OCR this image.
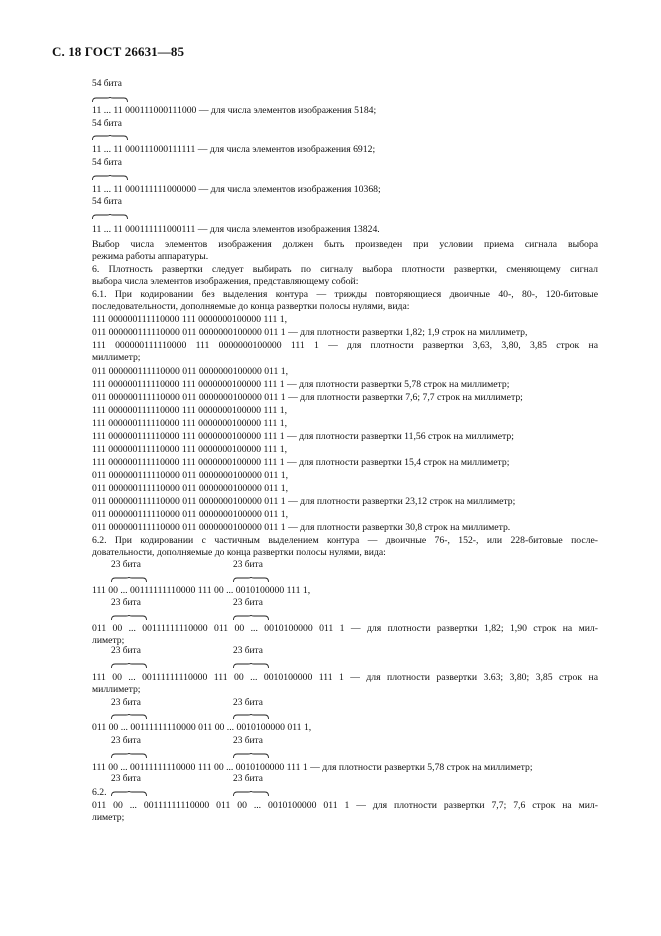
С. 18 ГОСТ 26631—85
54 бита
11 ... 11 000111000111000 — для числа элементов изображения 5184;
54 бита
11 ... 11 000111000111111 — для числа элементов изображения 6912;
54 бита
11 ... 11 000111111000000 — для числа элементов изображения 10368;
54 бита
11 ... 11 000111111000111 — для числа элементов изображения 13824.
Выбор числа элементов изображения должен быть произведен при условии приема сигнала выбора
режима работы аппаратуры.
6. Плотность развертки следует выбирать по сигналу выбора плотности развертки, сменяющему сигнал
выбора числа элементов изображения, представляющему собой:
6.1. При кодировании без выделения контура — трижды повторяющиеся двоичные 40-, 80-, 120-битовые
последовательности, дополняемые до конца развертки полосы нулями, вида:
111 000000111110000 111 0000000100000 111 1,
011 000000111110000 011 0000000100000 011 1 — для плотности развертки 1,82; 1,9 строк на миллиметр,
111 000000111110000 111 0000000100000 111 1 — для плотности развертки 3,63, 3,80, 3,85 строк на
миллиметр;
011 000000111110000 011 0000000100000 011 1,
111 000000111110000 111 0000000100000 111 1 — для плотности развертки 5,78 строк на миллиметр;
011 000000111110000 011 0000000100000 011 1 — для плотности развертки 7,6; 7,7 строк на миллиметр;
111 000000111110000 111 0000000100000 111 1,
111 000000111110000 111 0000000100000 111 1,
111 000000111110000 111 0000000100000 111 1 — для плотности развертки 11,56 строк на миллиметр;
111 000000111110000 111 0000000100000 111 1,
111 000000111110000 111 0000000100000 111 1 — для плотности развертки 15,4 строк на миллиметр;
011 000000111110000 011 0000000100000 011 1,
011 000000111110000 011 0000000100000 011 1,
011 000000111110000 011 0000000100000 011 1 — для плотности развертки 23,12 строк на миллиметр;
011 000000111110000 011 0000000100000 011 1,
011 000000111110000 011 0000000100000 011 1 — для плотности развертки 30,8 строк на миллиметр.
6.2. При кодировании с частичным выделением контура — двоичные 76-, 152-, или 228-битовые после-
довательности, дополняемые до конца развертки полосы нулями, вида:
23 бита	23 бита
111 00 ... 00111111110000 111 00 ... 0010100000 111 1,
23 бита	23 бита
011 00 ... 00111111110000 011 00 ... 0010100000 011 1 — для плотности развертки 1,82; 1,90 строк на мил-
лиметр;
23 бита	23 бита
111 00 ... 00111111110000 111 00 ... 0010100000 111 1 — для плотности развертки 3.63; 3,80; 3,85 строк на
миллиметр;
23 бита	23 бита
011 00 ... 00111111110000 011 00 ... 0010100000 011 1,
23 бита	23 бита
111 00 ... 00111111110000 111 00 ... 0010100000 111 1 — для плотности развертки 5,78 строк на миллиметр;
23 бита	23 бита
6.2.
011 00 ... 00111111110000 011 00 ... 0010100000 011 1 — для плотности развертки 7,7; 7,6 строк на мил-
лиметр;
